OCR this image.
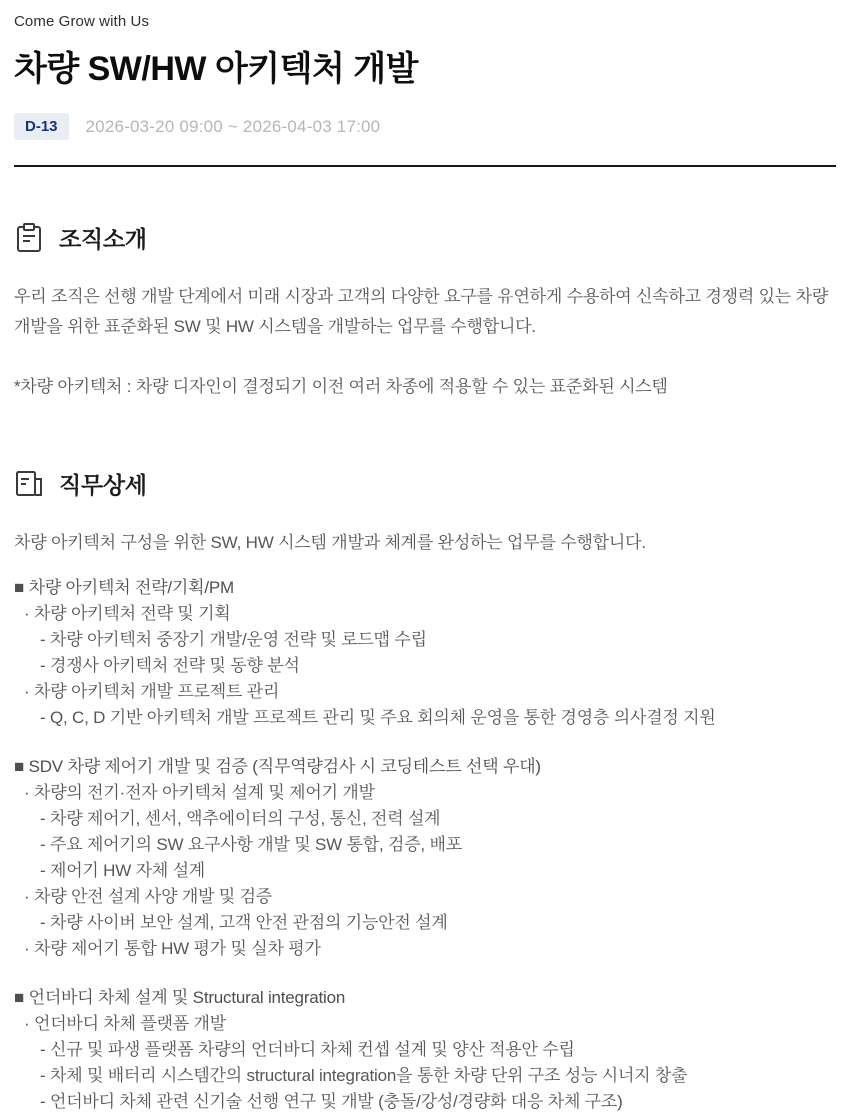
Come Grow with Us
차량 SW/HW 아키텍처 개발
D-13	2026-03-20 09:00 ~ 2026-04-03 17:00
조직소개

우리 조직은 선행 개발 단계에서 미래 시장과 고객의 다양한 요구를 유연하게 수용하여 신속하고 경쟁력 있는 차량 개발을 위한 표준화된 SW 및 HW 시스템을 개발하는 업무를 수행합니다.

*차량 아키텍처 : 차량 디자인이 결정되기 이전 여러 차종에 적용할 수 있는 표준화된 시스템

직무상세

차량 아키텍처 구성을 위한 SW, HW 시스템 개발과 체계를 완성하는 업무를 수행합니다.

■ 차량 아키텍처 전략/기획/PM
· 차량 아키텍처 전략 및 기획
- 차량 아키텍처 중장기 개발/운영 전략 및 로드맵 수립
- 경쟁사 아키텍처 전략 및 동향 분석
· 차량 아키텍처 개발 프로젝트 관리
- Q, C, D 기반 아키텍처 개발 프로젝트 관리 및 주요 회의체 운영을 통한 경영층 의사결정 지원
■ SDV 차량 제어기 개발 및 검증 (직무역량검사 시 코딩테스트 선택 우대)
· 차량의 전기·전자 아키텍처 설계 및 제어기 개발
- 차량 제어기, 센서, 액추에이터의 구성, 통신, 전력 설계
- 주요 제어기의 SW 요구사항 개발 및 SW 통합, 검증, 배포
- 제어기 HW 자체 설계
· 차량 안전 설계 사양 개발 및 검증
- 차량 사이버 보안 설계, 고객 안전 관점의 기능안전 설계
· 차량 제어기 통합 HW 평가 및 실차 평가
■ 언더바디 차체 설계 및 Structural integration
· 언더바디 차체 플랫폼 개발
- 신규 및 파생 플랫폼 차량의 언더바디 차체 컨셉 설계 및 양산 적용안 수립
- 차체 및 배터리 시스템간의 structural integration을 통한 차량 단위 구조 성능 시너지 창출
- 언더바디 차체 관련 신기술 선행 연구 및 개발 (충돌/강성/경량화 대응 차체 구조)
